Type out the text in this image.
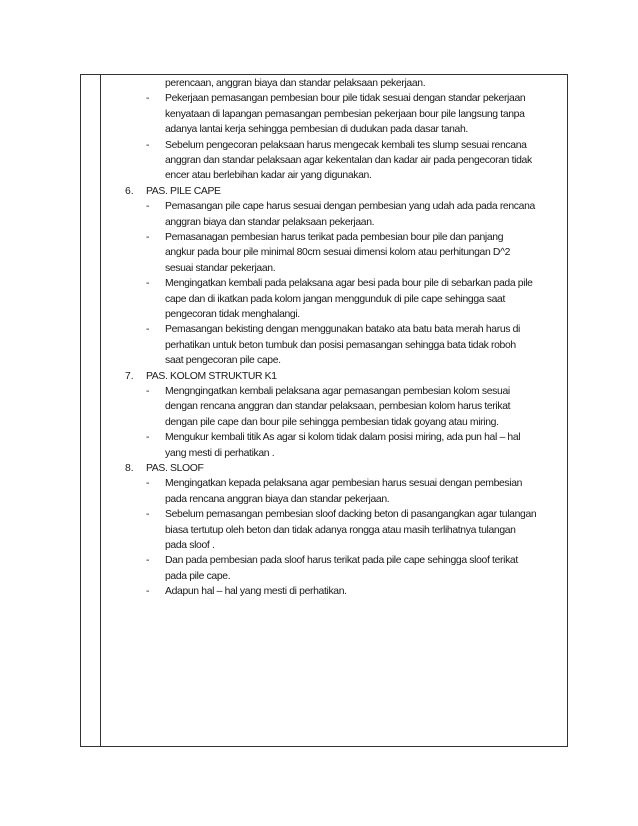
perencaan, anggran biaya dan standar pelaksaan pekerjaan.
- Pekerjaan pemasangan pembesian bour pile tidak sesuai dengan standar pekerjaan
kenyataan di lapangan pemasangan pembesian pekerjaan bour pile langsung tanpa
adanya lantai kerja sehingga pembesian di dudukan pada dasar tanah.
- Sebelum pengecoran pelaksaan harus mengecak kembali tes slump sesuai rencana
anggran dan standar pelaksaan agar kekentalan dan kadar air pada pengecoran tidak
encer atau berlebihan kadar air yang digunakan.
6. PAS. PILE CAPE
- Pemasangan pile cape harus sesuai dengan pembesian yang udah ada pada rencana
anggran biaya dan standar pelaksaan pekerjaan.
- Pemasanagan pembesian harus terikat pada pembesian bour pile dan panjang
angkur pada bour pile minimal 80cm sesuai dimensi kolom atau perhitungan D^2
sesuai standar pekerjaan.
- Mengingatkan kembali pada pelaksana agar besi pada bour pile di sebarkan pada pile
cape dan di ikatkan pada kolom jangan menggunduk di pile cape sehingga saat
pengecoran tidak menghalangi.
- Pemasangan bekisting dengan menggunakan batako ata batu bata merah harus di
perhatikan untuk beton tumbuk dan posisi pemasangan sehingga bata tidak roboh
saat pengecoran pile cape.
7. PAS. KOLOM STRUKTUR K1
- Mengngingatkan kembali pelaksana agar pemasangan pembesian kolom sesuai
dengan rencana anggran dan standar pelaksaan, pembesian kolom harus terikat
dengan pile cape dan bour pile sehingga pembesian tidak goyang atau miring.
- Mengukur kembali titik As agar si kolom tidak dalam posisi miring, ada pun hal – hal
yang mesti di perhatikan .
8. PAS. SLOOF
- Mengingatkan kepada pelaksana agar pembesian harus sesuai dengan pembesian
pada rencana anggran biaya dan standar pekerjaan.
- Sebelum pemasangan pembesian sloof dacking beton di pasangangkan agar tulangan
biasa tertutup oleh beton dan tidak adanya rongga atau masih terlihatnya tulangan
pada sloof .
- Dan pada pembesian pada sloof harus terikat pada pile cape sehingga sloof terikat
pada pile cape.
- Adapun hal – hal yang mesti di perhatikan.
